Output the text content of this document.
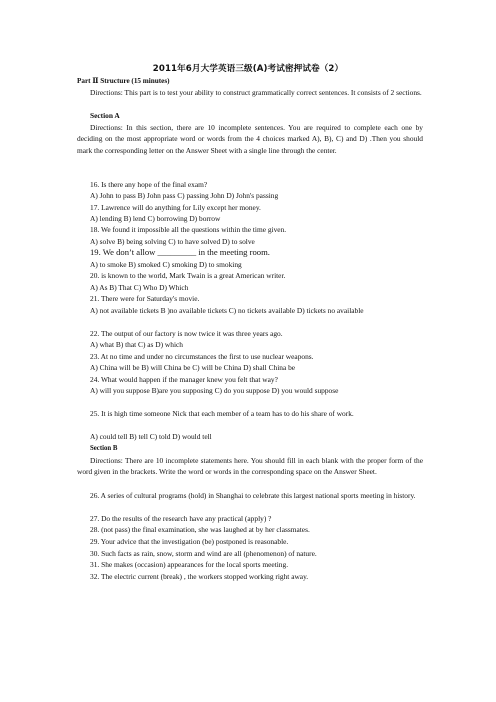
2011年6月大学英语三级(A)考试密押试卷（2）
Part Ⅱ Structure (15 minutes)

Directions: This part is to test your ability to construct grammatically correct sentences. It consists of 2 sections.

Section A

Directions: In this section, there are 10 incomplete sentences. You are required to complete each one by deciding on the most appropriate word or words from the 4 choices marked A), B), C) and D) .Then you should mark the corresponding letter on the Answer Sheet with a single line through the center.

16. Is there any hope of the final exam?
A) John to pass B) John pass C) passing John D) John's passing
17. Lawrence will do anything for Lily except her money.
A) lending B) lend C) borrowing D) borrow
18. We found it impossible all the questions within the time given.
A) solve B) being solving C) to have solved D) to solve
19. We don’t allow _________ in the meeting room.
A) to smoke B) smoked C) smoking D) to smoking
20. is known to the world, Mark Twain is a great American writer.
A) As B) That C) Who D) Which
21. There were for Saturday's movie.

A) not available tickets B )no available tickets C) no tickets available D) tickets no available

22. The output of our factory is now twice it was three years ago.
A) what B) that C) as D) which
23. At no time and under no circumstances the first to use nuclear weapons.
A) China will be B) will China be C) will be China D) shall China be
24. What would happen if the manager knew you felt that way?

A) will you suppose B)are you supposing C) do you suppose D) you would suppose

25. It is high time someone Nick that each member of a team has to do his share of work.

A) could tell B) tell C) told D) would tell
Section B

Directions: There are 10 incomplete statements here. You should fill in each blank with the proper form of the word given in the brackets. Write the word or words in the corresponding space on the Answer Sheet.

26. A series of cultural programs (hold) in Shanghai to celebrate this largest national sports meeting in history.

27. Do the results of the research have any practical (apply) ?
28. (not pass) the final examination, she was laughed at by her classmates.
29. Your advice that the investigation (be) postponed is reasonable.
30. Such facts as rain, snow, storm and wind are all (phenomenon) of nature.
31. She makes (occasion) appearances for the local sports meeting.
32. The electric current (break) , the workers stopped working right away.
